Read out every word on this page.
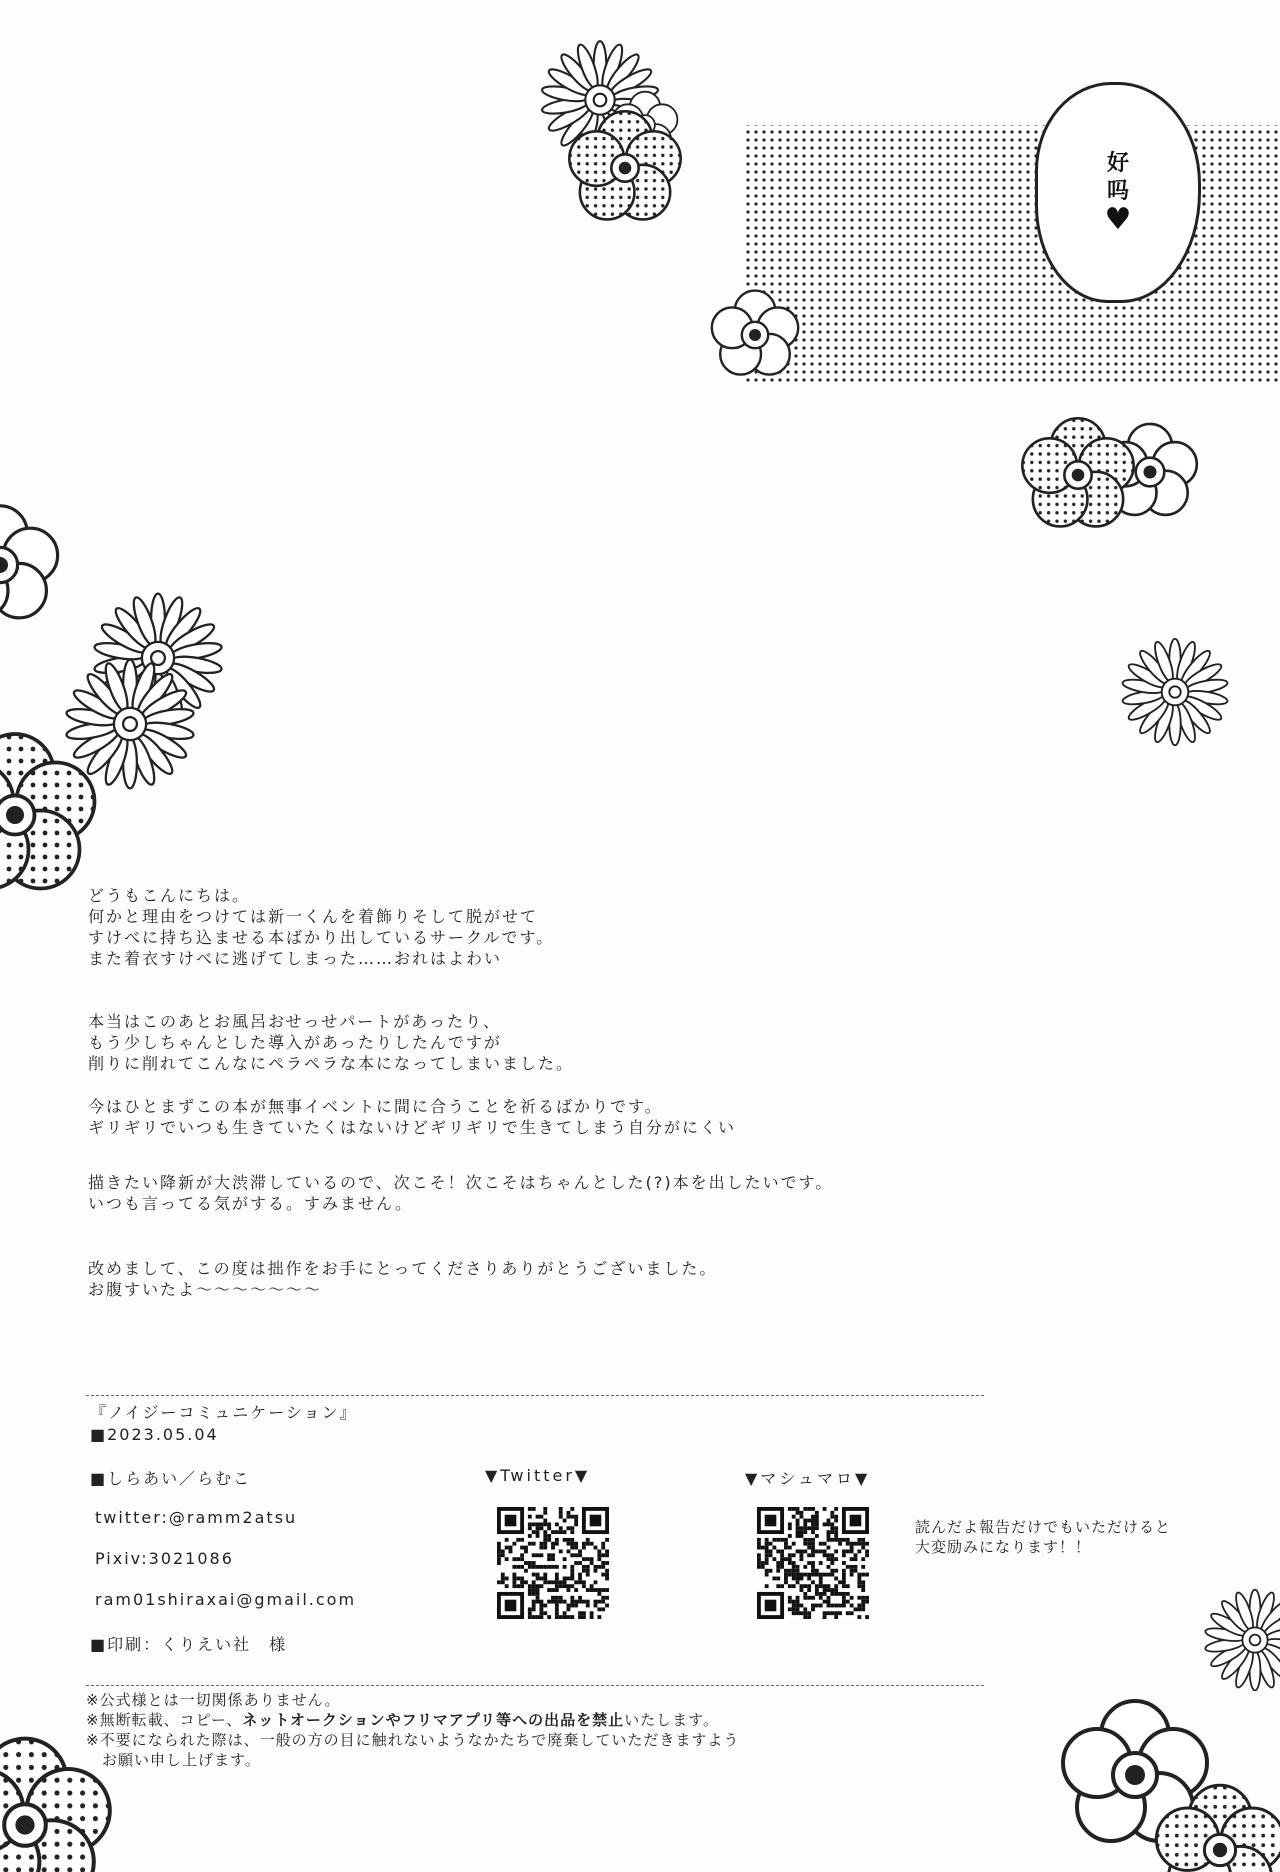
好
吗
♥

どうもこんにちは。

何かと理由をつけては新一くんを着飾りそして脱がせて

すけべに持ち込ませる本ばかり出しているサークルです。

また着衣すけべに逃げてしまった……おれはよわい

本当はこのあとお風呂おせっせパートがあったり、

もう少しちゃんとした導入があったりしたんですが

削りに削れてこんなにペラペラな本になってしまいました。

今はひとまずこの本が無事イベントに間に合うことを祈るばかりです。

ギリギリでいつも生きていたくはないけどギリギリで生きてしまう自分がにくい

描きたい降新が大渋滞しているので、次こそ！次こそはちゃんとした(?)本を出したいです。

いつも言ってる気がする。すみません。

改めまして、この度は拙作をお手にとってくださりありがとうございました。

お腹すいたよ～～～～～～～

『ノイジーコミュニケーション』
■2023.05.04
■しらあい／らむこ
twitter:@ramm2atsu
Pixiv:3021086
ram01shiraxai@gmail.com
■印刷：くりえい社　様
▼Twitter▼	▼マシュマロ▼
読んだよ報告だけでもいただけると
大変励みになります！！
※公式様とは一切関係ありません。
※無断転載、コピー、ネットオークションやフリマアプリ等への出品を禁止いたします。
※不要になられた際は、一般の方の目に触れないようなかたちで廃棄していただきますよう
　お願い申し上げます。
